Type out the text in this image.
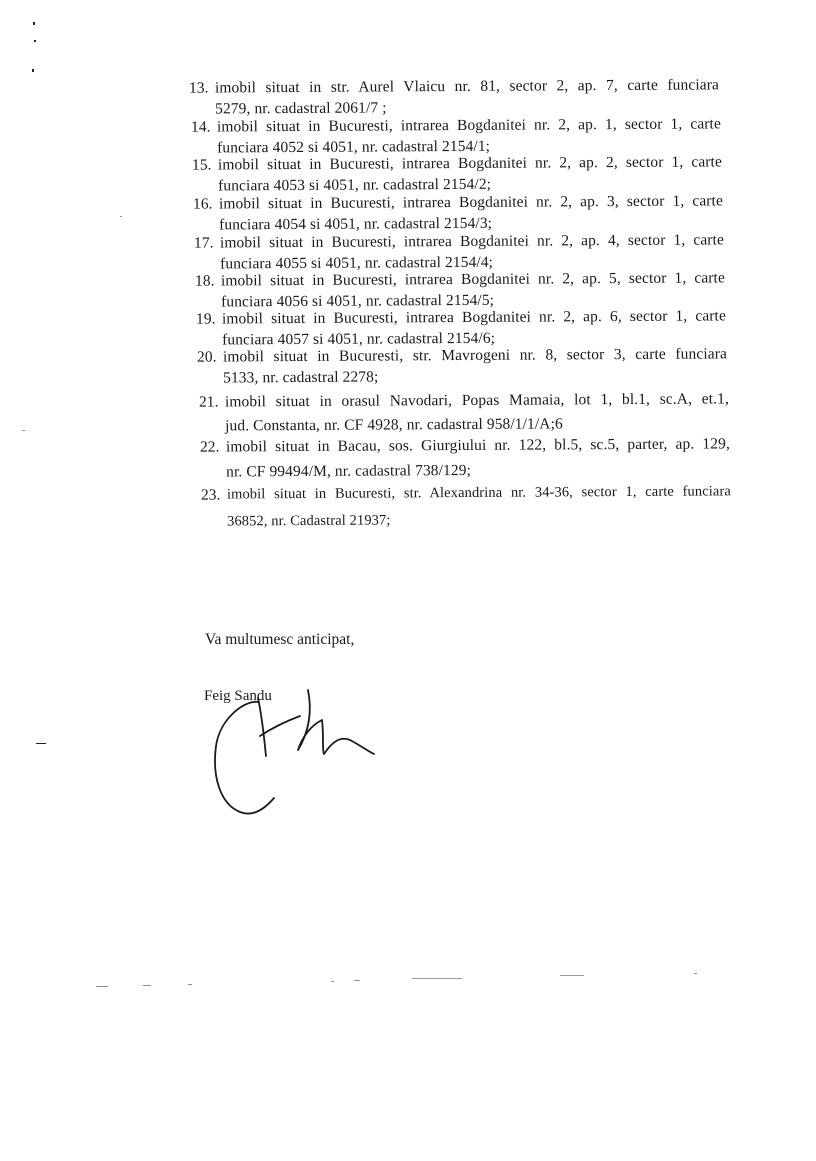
13. imobil situat in str. Aurel Vlaicu nr. 81, sector 2, ap. 7, carte funciara
5279, nr. cadastral 2061/7 ;
14. imobil situat in Bucuresti, intrarea Bogdanitei nr. 2, ap. 1, sector 1, carte
funciara 4052 si 4051, nr. cadastral 2154/1;
15. imobil situat in Bucuresti, intrarea Bogdanitei nr. 2, ap. 2, sector 1, carte
funciara 4053 si 4051, nr. cadastral 2154/2;
16. imobil situat in Bucuresti, intrarea Bogdanitei nr. 2, ap. 3, sector 1, carte
funciara 4054 si 4051, nr. cadastral 2154/3;
17. imobil situat in Bucuresti, intrarea Bogdanitei nr. 2, ap. 4, sector 1, carte
funciara 4055 si 4051, nr. cadastral 2154/4;
18. imobil situat in Bucuresti, intrarea Bogdanitei nr. 2, ap. 5, sector 1, carte
funciara 4056 si 4051, nr. cadastral 2154/5;
19. imobil situat in Bucuresti, intrarea Bogdanitei nr. 2, ap. 6, sector 1, carte
funciara 4057 si 4051, nr. cadastral 2154/6;
20. imobil situat in Bucuresti, str. Mavrogeni nr. 8, sector 3, carte funciara
5133, nr. cadastral 2278;
21. imobil situat in orasul Navodari, Popas Mamaia, lot 1, bl.1, sc.A, et.1,
jud. Constanta, nr. CF 4928, nr. cadastral 958/1/1/A;6
22. imobil situat in Bacau, sos. Giurgiului nr. 122, bl.5, sc.5, parter, ap. 129,
nr. CF 99494/M, nr. cadastral 738/129;
23. imobil situat in Bucuresti, str. Alexandrina nr. 34-36, sector 1, carte funciara
36852, nr. Cadastral 21937;
Va multumesc anticipat,
Feig Sandu
